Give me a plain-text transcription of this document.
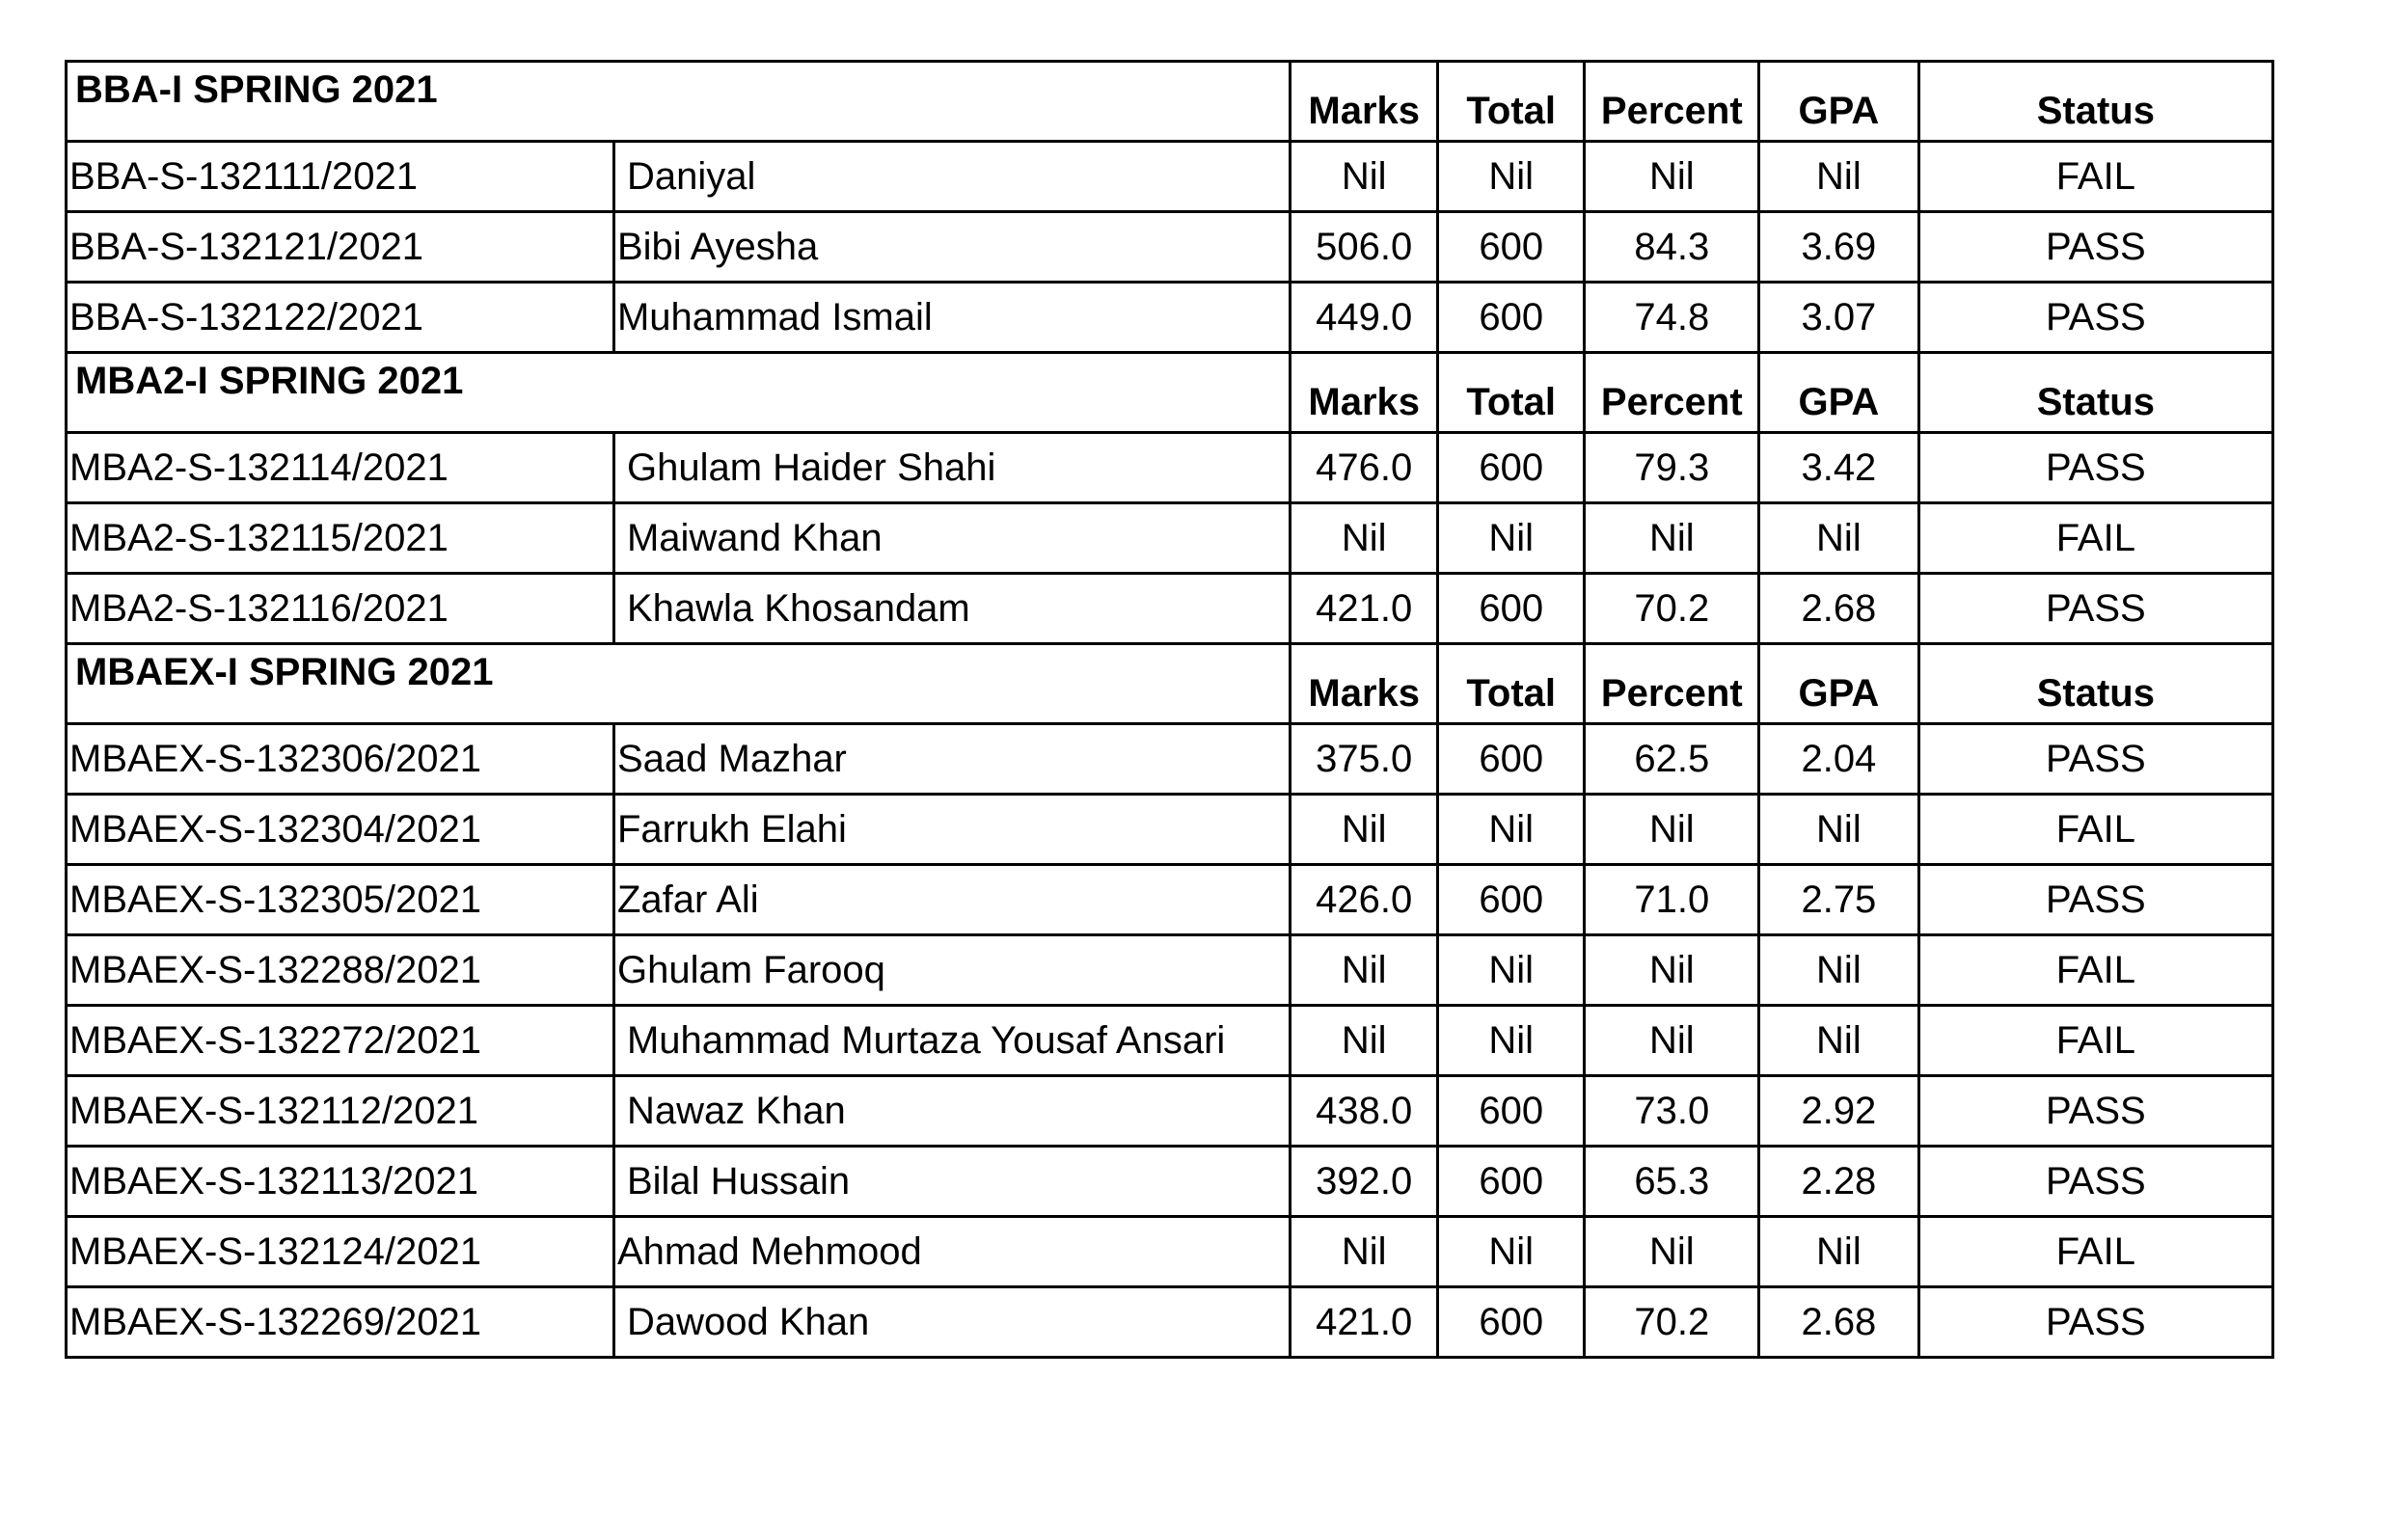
BBA-I SPRING 2021		Marks	Total	Percent	GPA	Status
BBA-S-132111/2021	Daniyal	Nil	Nil	Nil	Nil	FAIL
BBA-S-132121/2021	Bibi Ayesha	506.0	600	84.3	3.69	PASS
BBA-S-132122/2021	Muhammad Ismail	449.0	600	74.8	3.07	PASS
MBA2-I SPRING 2021		Marks	Total	Percent	GPA	Status
MBA2-S-132114/2021	Ghulam Haider Shahi	476.0	600	79.3	3.42	PASS
MBA2-S-132115/2021	Maiwand Khan	Nil	Nil	Nil	Nil	FAIL
MBA2-S-132116/2021	Khawla Khosandam	421.0	600	70.2	2.68	PASS
MBAEX-I SPRING 2021		Marks	Total	Percent	GPA	Status
MBAEX-S-132306/2021	Saad Mazhar	375.0	600	62.5	2.04	PASS
MBAEX-S-132304/2021	Farrukh Elahi	Nil	Nil	Nil	Nil	FAIL
MBAEX-S-132305/2021	Zafar Ali	426.0	600	71.0	2.75	PASS
MBAEX-S-132288/2021	Ghulam Farooq	Nil	Nil	Nil	Nil	FAIL
MBAEX-S-132272/2021	Muhammad Murtaza Yousaf Ansari	Nil	Nil	Nil	Nil	FAIL
MBAEX-S-132112/2021	Nawaz Khan	438.0	600	73.0	2.92	PASS
MBAEX-S-132113/2021	Bilal Hussain	392.0	600	65.3	2.28	PASS
MBAEX-S-132124/2021	Ahmad Mehmood	Nil	Nil	Nil	Nil	FAIL
MBAEX-S-132269/2021	Dawood Khan	421.0	600	70.2	2.68	PASS
